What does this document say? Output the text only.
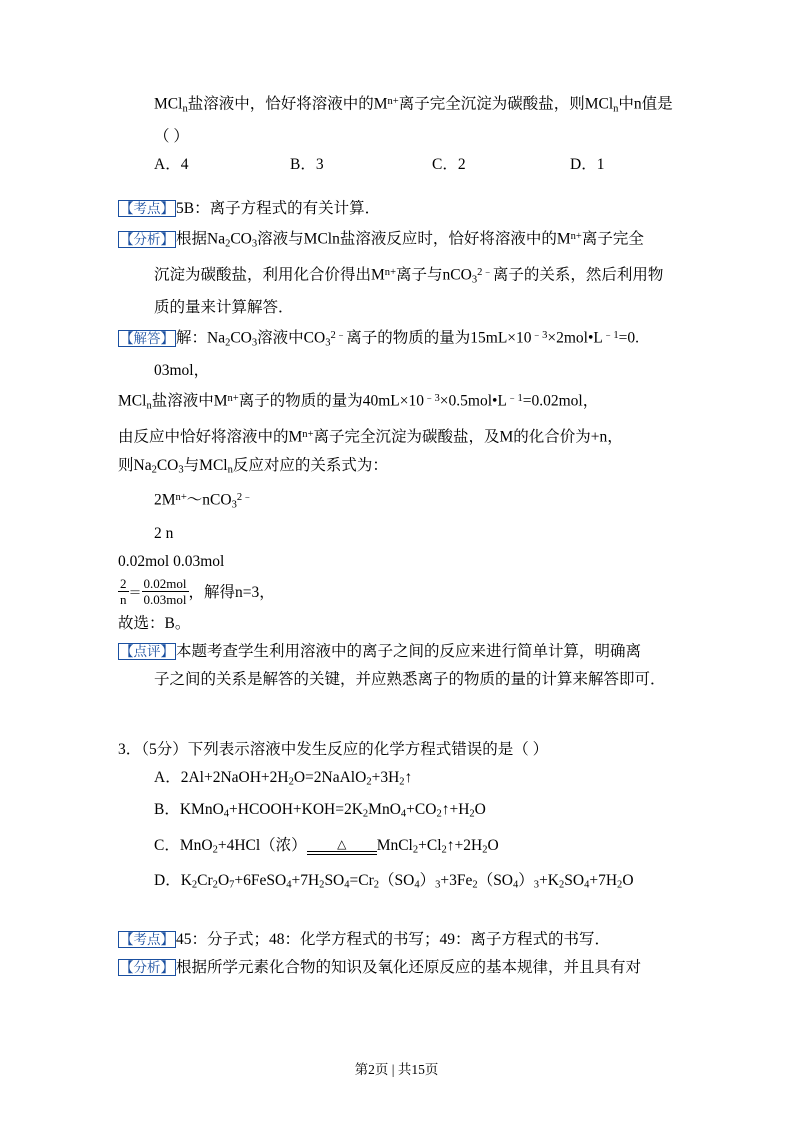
MCl$_n$盐溶液中，恰好将溶液中的$M^{n+}$离子完全沉淀为碳酸盐，则MCl$_n$中n值是
（ ）
A．4	B．3	C．2	D．1
【考点】 5B：离子方程式的有关计算．
【分析】 根据$Na_2CO_3$溶液与MCln盐溶液反应时，恰好将溶液中的$M^{n+}$离子完全
沉淀为碳酸盐，利用化合价得出$M^{n+}$离子与nCO$_3^{2﹣}$离子的关系，然后利用物
质的量来计算解答．
【解答】 解：$Na_2CO_3$溶液中$CO_3^{2﹣}$离子的物质的量为$15mL\times 10^{﹣3}\times 2mol•L^{﹣1}=0$.
03mol，
MCl$_n$盐溶液中$M^{n+}$离子的物质的量为$40mL\times 10^{﹣3}\times 0.5mol•L^{﹣1}=0.02mol$，
由反应中恰好将溶液中的$M^{n+}$离子完全沉淀为碳酸盐，及M的化合价为+n，
则$Na_2CO_3$与MCl$_n$反应对应的关系式为：
$2M^{n+}\sim nCO_3^{2﹣}$
2 n
0.02mol 0.03mol
$\frac{2}{n} = \frac{\text{0.02mol}}{\text{0.03mol}}$ ，解得n=3，
故选：B。
【点评】 本题考查学生利用溶液中的离子之间的反应来进行简单计算，明确离
子之间的关系是解答的关键，并应熟悉离子的物质的量的计算来解答即可．
3．（5分）下列表示溶液中发生反应的化学方程式错误的是（ ）
A．$2Al+2NaOH+2H_2O=2NaAlO_2+3H_2↑$
B．$KMnO_4+HCOOH+KOH=2K_2MnO_4+CO_2↑+H_2O$
C．MnO$_2$+4HCl（浓）	△	$MnCl_2+Cl_2↑+2H_2O$
D．$K_2Cr_2O_7+6FeSO_4+7H_2SO_4=Cr_2(SO_4)_3+3Fe_2(SO_4)_3+K_2SO_4+7H_2O$
【考点】 45：分子式；48：化学方程式的书写；49：离子方程式的书写．
【分析】 根据所学元素化合物的知识及氧化还原反应的基本规律，并且具有对
第2页 | 共15页
